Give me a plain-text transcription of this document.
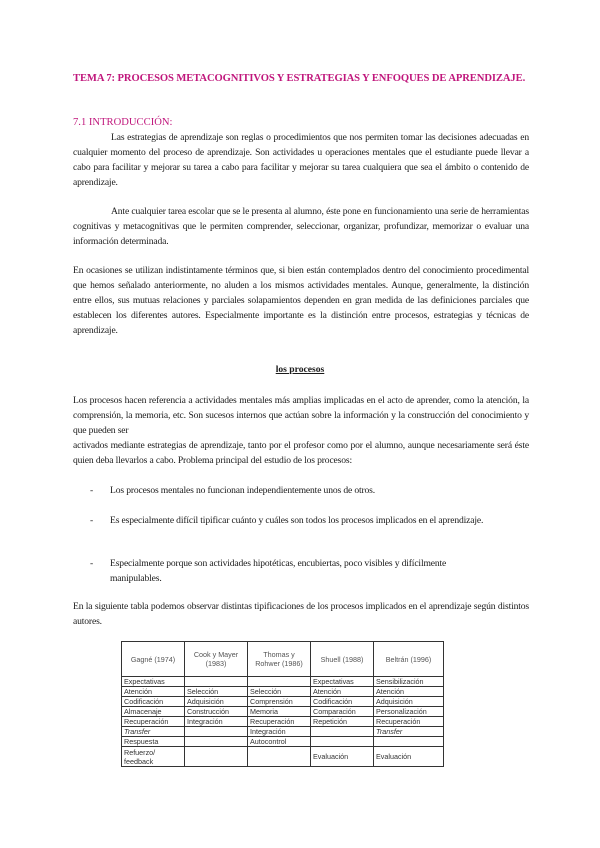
TEMA 7: PROCESOS METACOGNITIVOS Y ESTRATEGIAS Y ENFOQUES DE APRENDIZAJE.
7.1 INTRODUCCIÓN:
Las estrategias de aprendizaje son reglas o procedimientos que nos permiten tomar las decisiones adecuadas en cualquier momento del proceso de aprendizaje. Son actividades u operaciones mentales que el estudiante puede llevar a cabo para facilitar y mejorar su tarea a cabo para facilitar y mejorar su tarea cualquiera que sea el ámbito o contenido de aprendizaje.
Ante cualquier tarea escolar que se le presenta al alumno, éste pone en funcionamiento una serie de herramientas cognitivas y metacognitivas que le permiten comprender, seleccionar, organizar, profundizar, memorizar o evaluar una información determinada.
En ocasiones se utilizan indistintamente términos que, si bien están contemplados dentro del conocimiento procedimental que hemos señalado anteriormente, no aluden a los mismos actividades mentales. Aunque, generalmente, la distinción entre ellos, sus mutuas relaciones y parciales solapamientos dependen en gran medida de las definiciones parciales que establecen los diferentes autores. Especialmente importante es la distinción entre procesos, estrategias y técnicas de aprendizaje.
los procesos
Los procesos hacen referencia a actividades mentales más amplias implicadas en el acto de aprender, como la atención, la comprensión, la memoria, etc. Son sucesos internos que actúan sobre la información y la construcción del conocimiento y que pueden ser
activados mediante estrategias de aprendizaje, tanto por el profesor como por el alumno, aunque necesariamente será éste quien deba llevarlos a cabo. Problema principal del estudio de los procesos:
- Los procesos mentales no funcionan independientemente unos de otros.
- Es especialmente difícil tipificar cuánto y cuáles son todos los procesos implicados en el aprendizaje.
- Especialmente porque son actividades hipotéticas, encubiertas, poco visibles y difícilmente manipulables.
En la siguiente tabla podemos observar distintas tipificaciones de los procesos implicados en el aprendizaje según distintos autores.
Gagné (1974)	Cook y Mayer (1983)	Thomas y Rohwer (1986)	Shuell (1988)	Beltrán (1996)
Expectativas			Expectativas	Sensibilización
Atención	Selección	Selección	Atención	Atención
Codificación	Adquisición	Comprensión	Codificación	Adquisición
Almacenaje	Construcción	Memoria	Comparación	Personalización
Recuperación	Integración	Recuperación	Repetición	Recuperación
Transfer		Integración		Transfer
Respuesta		Autocontrol		
Refuerzo/ feedback			Evaluación	Evaluación
